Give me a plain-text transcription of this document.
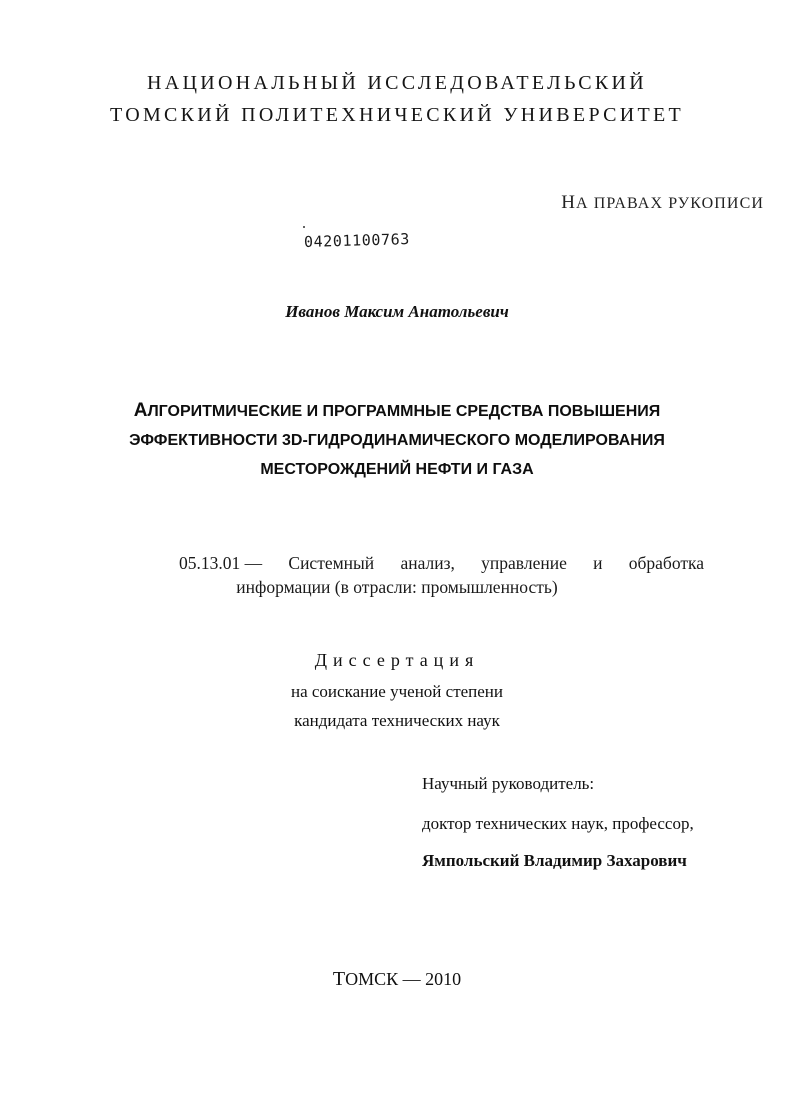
НАЦИОНАЛЬНЫЙ ИССЛЕДОВАТЕЛЬСКИЙ
ТОМСКИЙ ПОЛИТЕХНИЧЕСКИЙ УНИВЕРСИТЕТ
НА ПРАВАХ РУКОПИСИ
04201100763
Иванов Максим Анатольевич
АЛГОРИТМИЧЕСКИЕ И ПРОГРАММНЫЕ СРЕДСТВА ПОВЫШЕНИЯ
ЭФФЕКТИВНОСТИ 3D-ГИДРОДИНАМИЧЕСКОГО МОДЕЛИРОВАНИЯ
МЕСТОРОЖДЕНИЙ НЕФТИ И ГАЗА
05.13.01 — Системный анализ, управление и обработка
информации (в отрасли: промышленность)
Диссертация
на соискание ученой степени
кандидата технических наук
Научный руководитель:
доктор технических наук, профессор,
Ямпольский Владимир Захарович
ТОМСК — 2010
